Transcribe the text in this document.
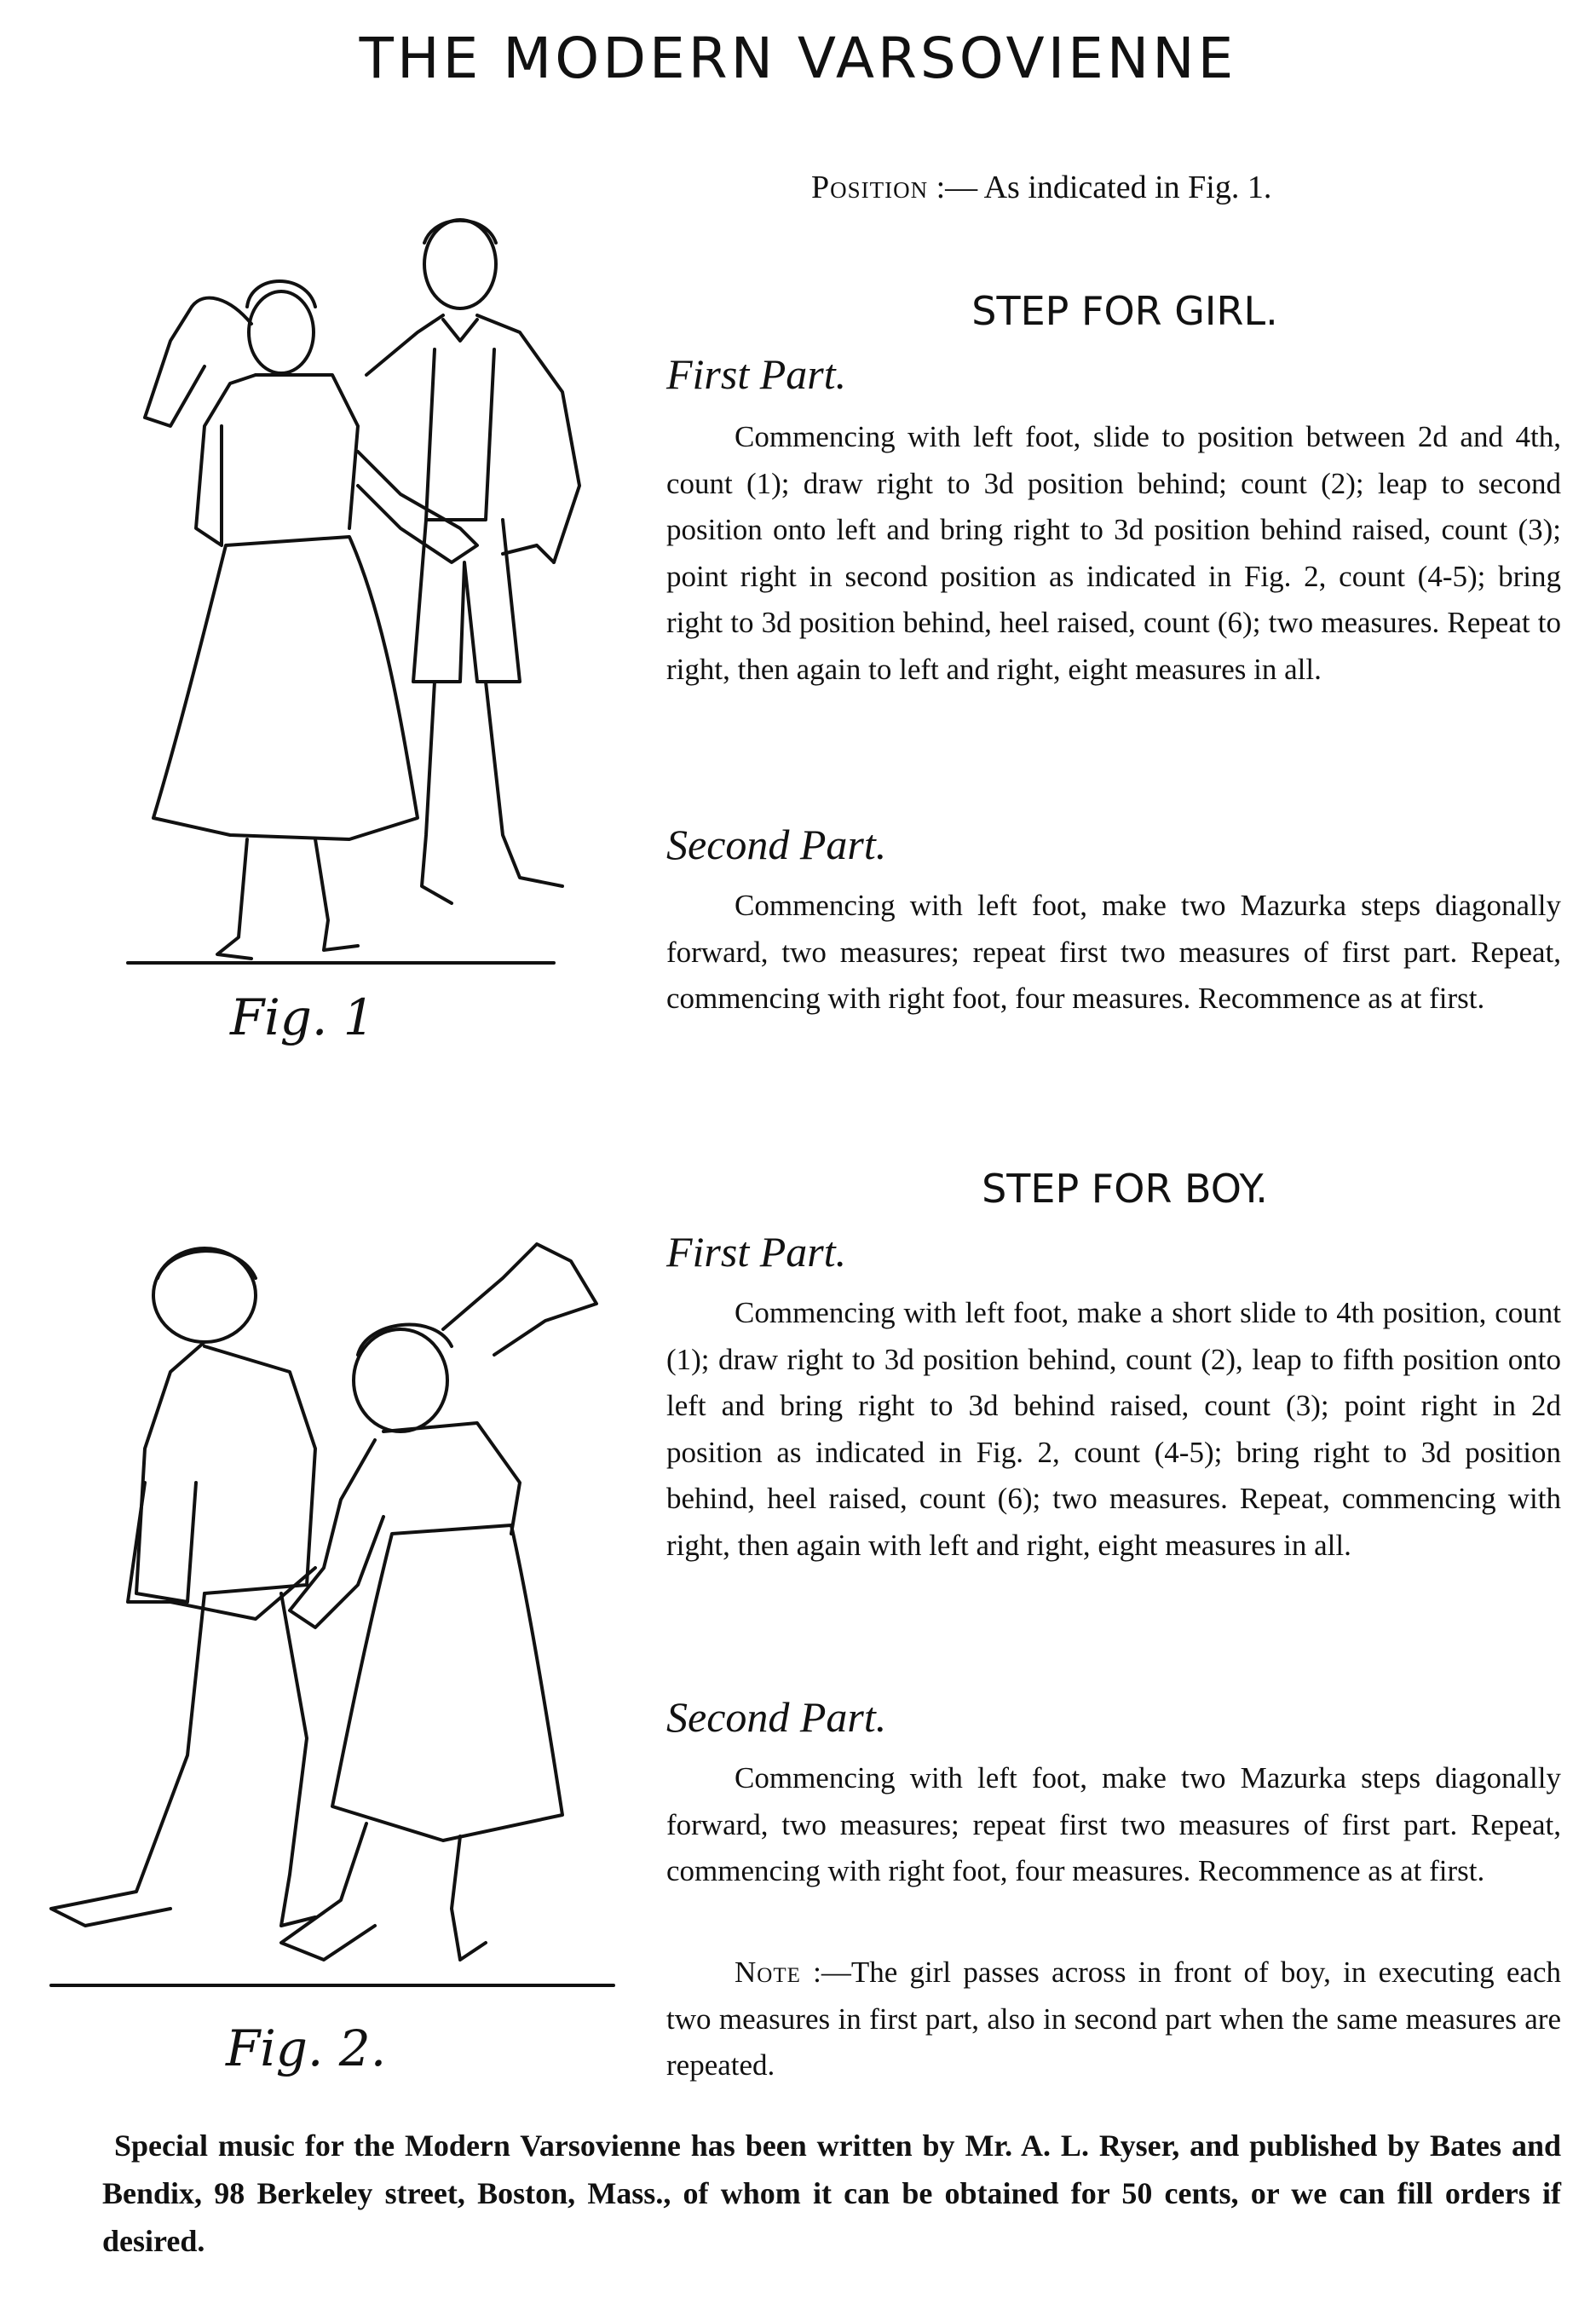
THE MODERN VARSOVIENNE
Position :— As indicated in Fig. 1.
Fig. 1
STEP FOR GIRL.
First Part.
Commencing with left foot, slide to position between 2d and 4th, count (1); draw right to 3d position behind; count (2); leap to second position onto left and bring right to 3d position behind raised, count (3); point right in second position as indicated in Fig. 2, count (4-5); bring right to 3d position behind, heel raised, count (6); two measures. Repeat to right, then again to left and right, eight measures in all.
Second Part.
Commencing with left foot, make two Mazurka steps diagonally forward, two measures; repeat first two measures of first part. Repeat, commencing with right foot, four measures. Recommence as at first.
Fig. 2.
STEP FOR BOY.
First Part.
Commencing with left foot, make a short slide to 4th position, count (1); draw right to 3d position behind, count (2), leap to fifth position onto left and bring right to 3d behind raised, count (3); point right in 2d position as indicated in Fig. 2, count (4-5); bring right to 3d position behind, heel raised, count (6); two measures. Repeat, commencing with right, then again with left and right, eight measures in all.
Second Part.
Commencing with left foot, make two Mazurka steps diagonally forward, two measures; repeat first two measures of first part. Repeat, commencing with right foot, four measures. Recommence as at first.
Note :—The girl passes across in front of boy, in executing each two measures in first part, also in second part when the same measures are repeated.
Special music for the Modern Varsovienne has been written by Mr. A. L. Ryser, and published by Bates and Bendix, 98 Berkeley street, Boston, Mass., of whom it can be obtained for 50 cents, or we can fill orders if desired.
